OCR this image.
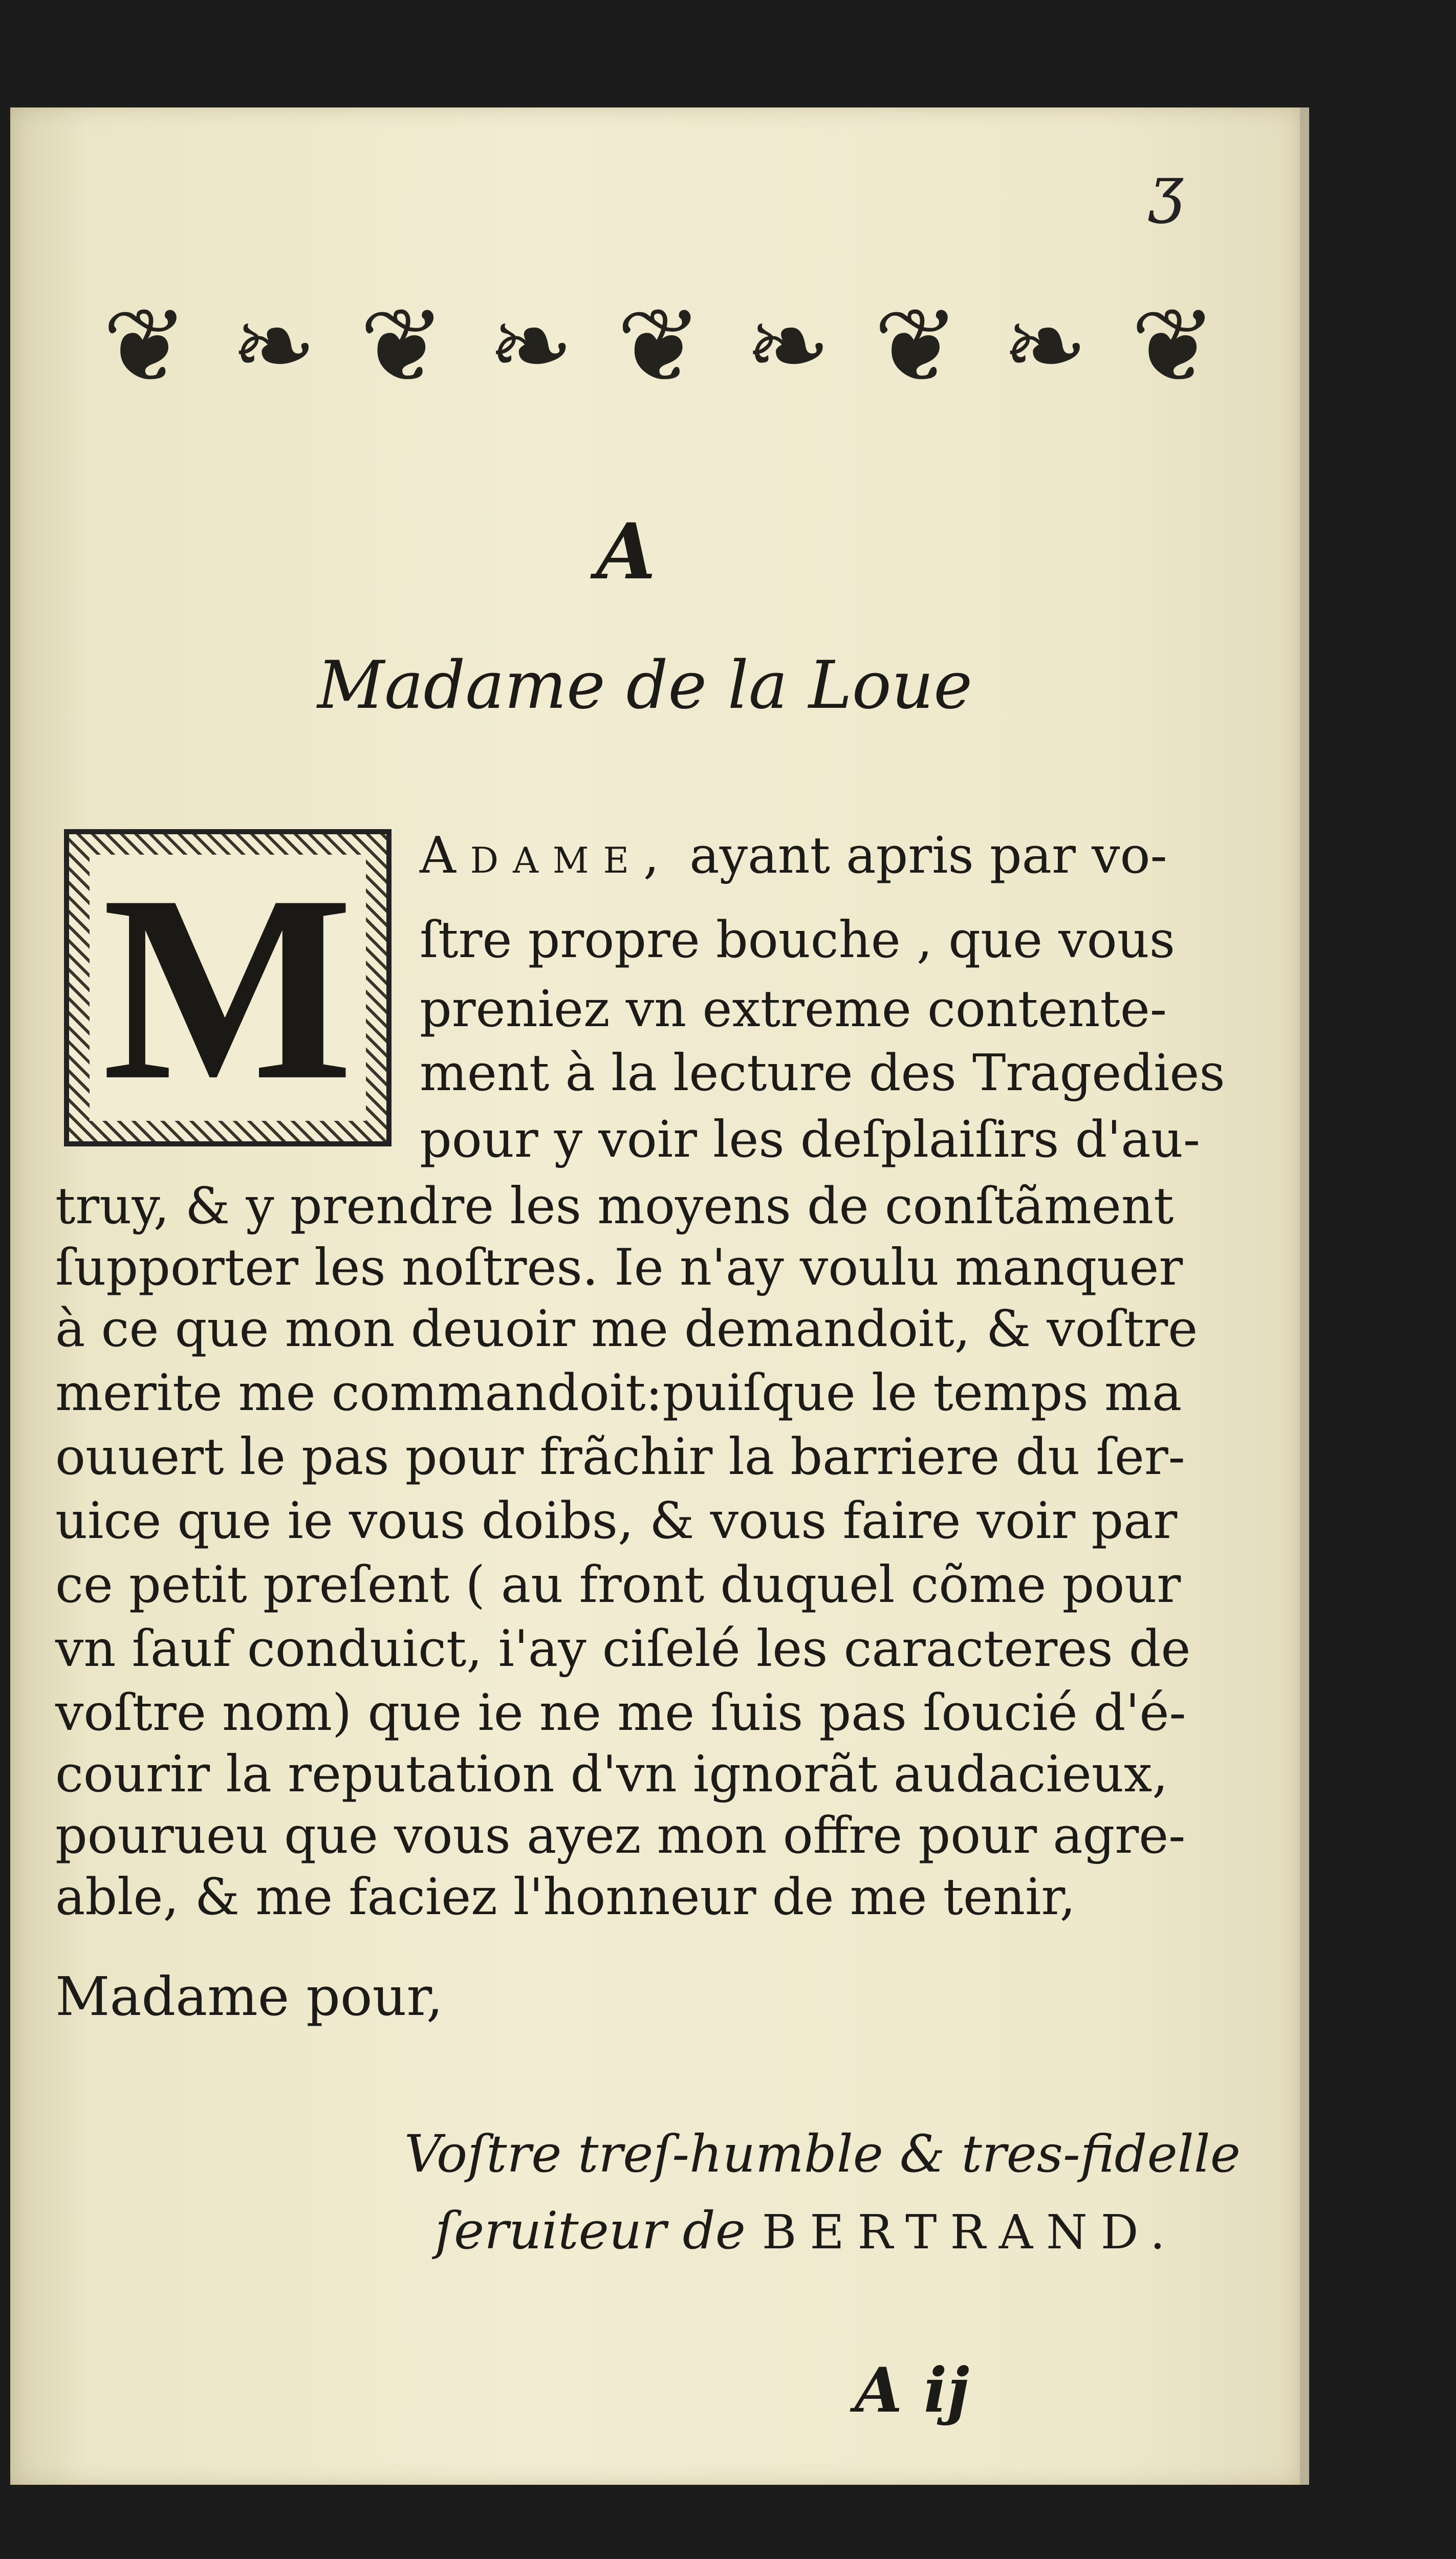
ʒ
❦ ❧ ❦ ❧ ❦ ❧ ❦ ❧ ❦
A
Madame de la Loue
M Adame, ayant apris par vo-
ſtre propre bouche , que vous
preniez vn extreme contente-
ment à la lecture des Tragedies
pour y voir les deſplaiſirs d'au-
truy, & y prendre les moyens de conſtãment
ſupporter les noſtres. Ie n'ay voulu manquer
à ce que mon deuoir me demandoit, & voſtre
merite me commandoit:puiſque le temps ma
ouuert le pas pour frãchir la barriere du ſer-
uice que ie vous doibs, & vous faire voir par
ce petit preſent ( au front duquel cõme pour
vn ſauf conduict, i'ay ciſelé les caracteres de
voſtre nom) que ie ne me ſuis pas ſoucié d'é-
courir la reputation d'vn ignorãt audacieux,
pourueu que vous ayez mon offre pour agre-
able, & me faciez l'honneur de me tenir,
Madame pour,
Voſtre treſ-humble & tres-fidelle
ſeruiteur de BERTRAND.
A ij
